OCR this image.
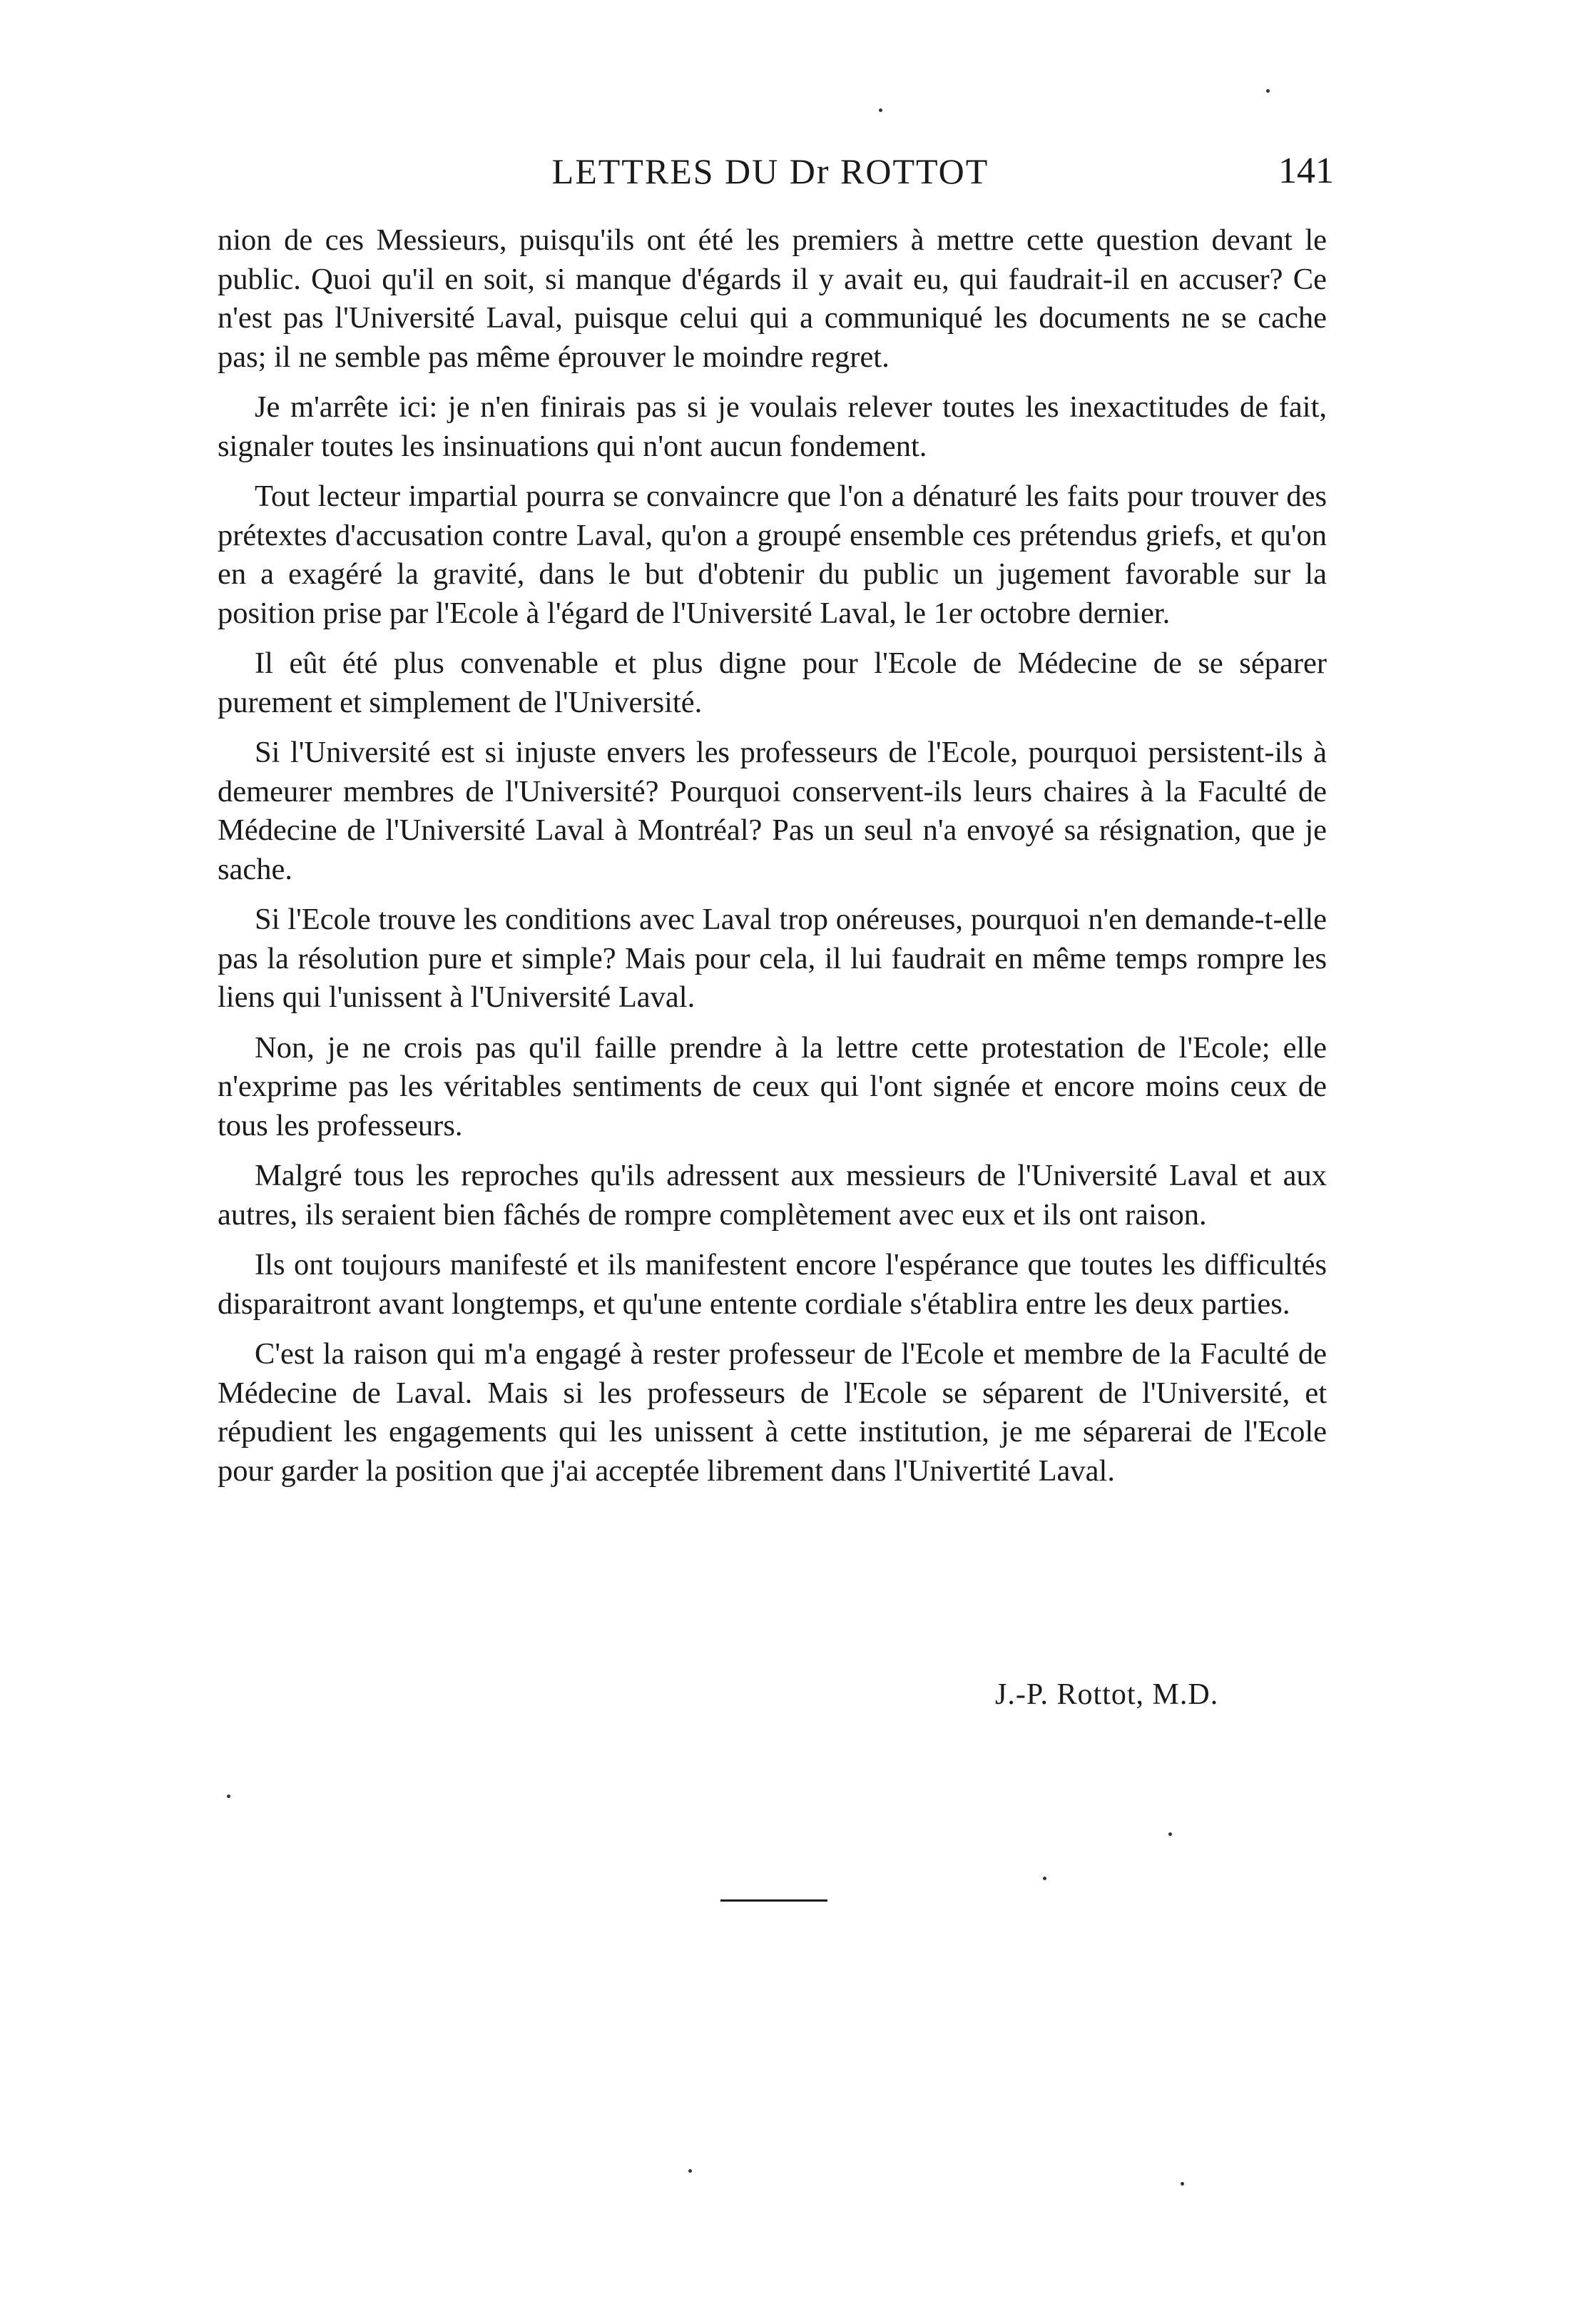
LETTRES DU Dr ROTTOT	141

nion de ces Messieurs, puisqu'ils ont été les premiers à mettre cette question devant le public. Quoi qu'il en soit, si manque d'égards il y avait eu, qui faudrait-il en accuser? Ce n'est pas l'Université Laval, puisque celui qui a communiqué les documents ne se cache pas; il ne semble pas même éprouver le moindre regret.

Je m'arrête ici: je n'en finirais pas si je voulais relever toutes les inexactitudes de fait, signaler toutes les insinuations qui n'ont aucun fondement.

Tout lecteur impartial pourra se convaincre que l'on a dénaturé les faits pour trouver des prétextes d'accusation contre Laval, qu'on a groupé ensemble ces prétendus griefs, et qu'on en a exagéré la gravité, dans le but d'obtenir du public un jugement favorable sur la position prise par l'Ecole à l'égard de l'Université Laval, le 1er octobre dernier.

Il eût été plus convenable et plus digne pour l'Ecole de Médecine de se séparer purement et simplement de l'Université.

Si l'Université est si injuste envers les professeurs de l'Ecole, pourquoi persistent-ils à demeurer membres de l'Université? Pourquoi conservent-ils leurs chaires à la Faculté de Médecine de l'Université Laval à Montréal? Pas un seul n'a envoyé sa résignation, que je sache.

Si l'Ecole trouve les conditions avec Laval trop onéreuses, pourquoi n'en demande-t-elle pas la résolution pure et simple? Mais pour cela, il lui faudrait en même temps rompre les liens qui l'unissent à l'Université Laval.

Non, je ne crois pas qu'il faille prendre à la lettre cette protestation de l'Ecole; elle n'exprime pas les véritables sentiments de ceux qui l'ont signée et encore moins ceux de tous les professeurs.

Malgré tous les reproches qu'ils adressent aux messieurs de l'Université Laval et aux autres, ils seraient bien fâchés de rompre complètement avec eux et ils ont raison.

Ils ont toujours manifesté et ils manifestent encore l'espérance que toutes les difficultés disparaitront avant longtemps, et qu'une entente cordiale s'établira entre les deux parties.

C'est la raison qui m'a engagé à rester professeur de l'Ecole et membre de la Faculté de Médecine de Laval. Mais si les professeurs de l'Ecole se séparent de l'Université, et répudient les engagements qui les unissent à cette institution, je me séparerai de l'Ecole pour garder la position que j'ai acceptée librement dans l'Univertité Laval.

J.-P. Rottot, M.D.
